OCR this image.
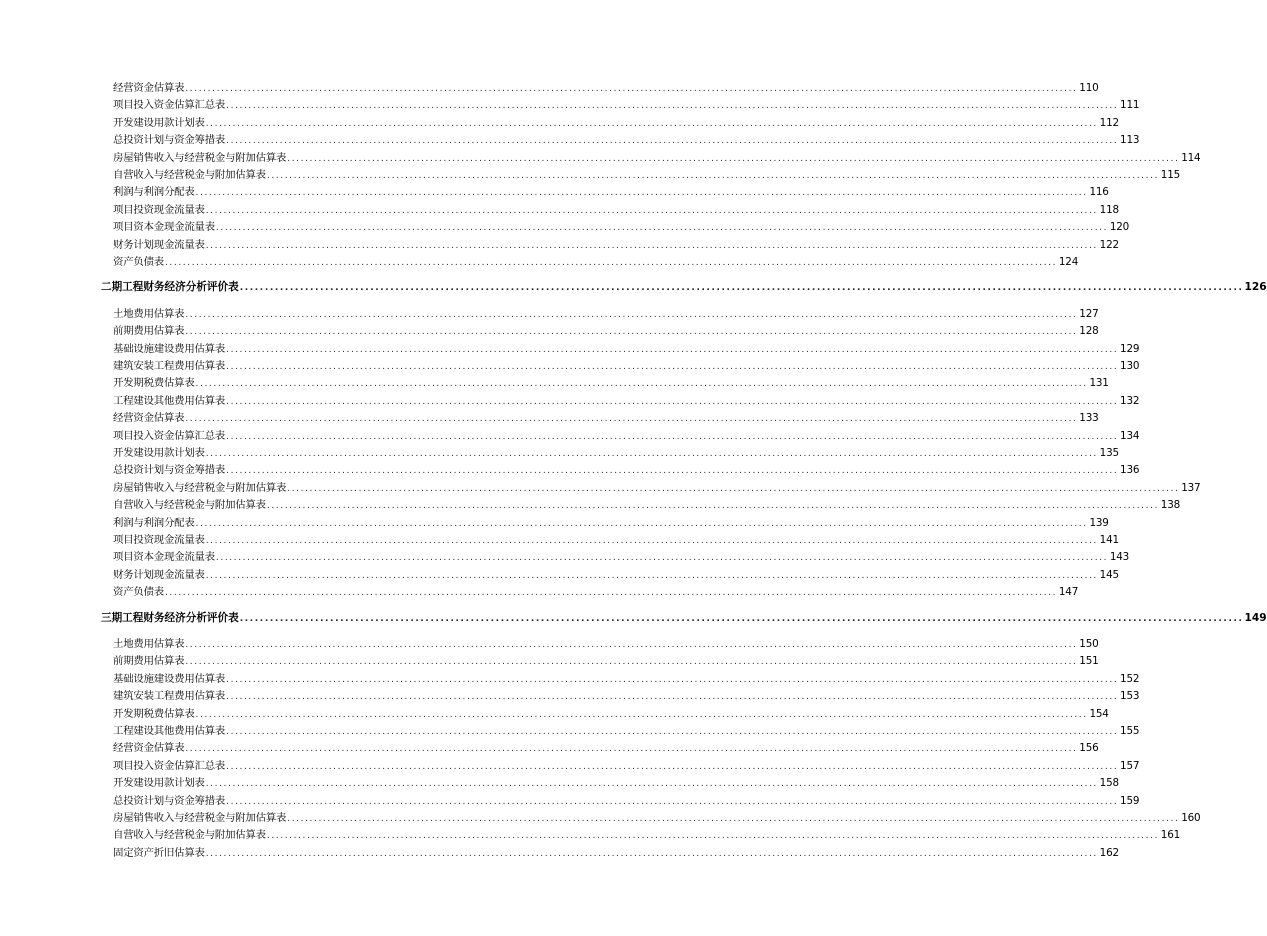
经营资金估算表 ........................................................................................................................................................................................................ 110
项目投入资金估算汇总表 ........................................................................................................................................................................................................ 111
开发建设用款计划表 ........................................................................................................................................................................................................ 112
总投资计划与资金筹措表 ........................................................................................................................................................................................................ 113
房屋销售收入与经营税金与附加估算表 ........................................................................................................................................................................................................ 114
自营收入与经营税金与附加估算表 ........................................................................................................................................................................................................ 115
利润与利润分配表 ........................................................................................................................................................................................................ 116
项目投资现金流量表 ........................................................................................................................................................................................................ 118
项目资本金现金流量表 ........................................................................................................................................................................................................ 120
财务计划现金流量表 ........................................................................................................................................................................................................ 122
资产负债表 ........................................................................................................................................................................................................ 124
二期工程财务经济分析评价表 ........................................................................................................................................................................................................ 126
土地费用估算表 ........................................................................................................................................................................................................ 127
前期费用估算表 ........................................................................................................................................................................................................ 128
基础设施建设费用估算表 ........................................................................................................................................................................................................ 129
建筑安装工程费用估算表 ........................................................................................................................................................................................................ 130
开发期税费估算表 ........................................................................................................................................................................................................ 131
工程建设其他费用估算表 ........................................................................................................................................................................................................ 132
经营资金估算表 ........................................................................................................................................................................................................ 133
项目投入资金估算汇总表 ........................................................................................................................................................................................................ 134
开发建设用款计划表 ........................................................................................................................................................................................................ 135
总投资计划与资金筹措表 ........................................................................................................................................................................................................ 136
房屋销售收入与经营税金与附加估算表 ........................................................................................................................................................................................................ 137
自营收入与经营税金与附加估算表 ........................................................................................................................................................................................................ 138
利润与利润分配表 ........................................................................................................................................................................................................ 139
项目投资现金流量表 ........................................................................................................................................................................................................ 141
项目资本金现金流量表 ........................................................................................................................................................................................................ 143
财务计划现金流量表 ........................................................................................................................................................................................................ 145
资产负债表 ........................................................................................................................................................................................................ 147
三期工程财务经济分析评价表 ........................................................................................................................................................................................................ 149
土地费用估算表 ........................................................................................................................................................................................................ 150
前期费用估算表 ........................................................................................................................................................................................................ 151
基础设施建设费用估算表 ........................................................................................................................................................................................................ 152
建筑安装工程费用估算表 ........................................................................................................................................................................................................ 153
开发期税费估算表 ........................................................................................................................................................................................................ 154
工程建设其他费用估算表 ........................................................................................................................................................................................................ 155
经营资金估算表 ........................................................................................................................................................................................................ 156
项目投入资金估算汇总表 ........................................................................................................................................................................................................ 157
开发建设用款计划表 ........................................................................................................................................................................................................ 158
总投资计划与资金筹措表 ........................................................................................................................................................................................................ 159
房屋销售收入与经营税金与附加估算表 ........................................................................................................................................................................................................ 160
自营收入与经营税金与附加估算表 ........................................................................................................................................................................................................ 161
固定资产折旧估算表 ........................................................................................................................................................................................................ 162
